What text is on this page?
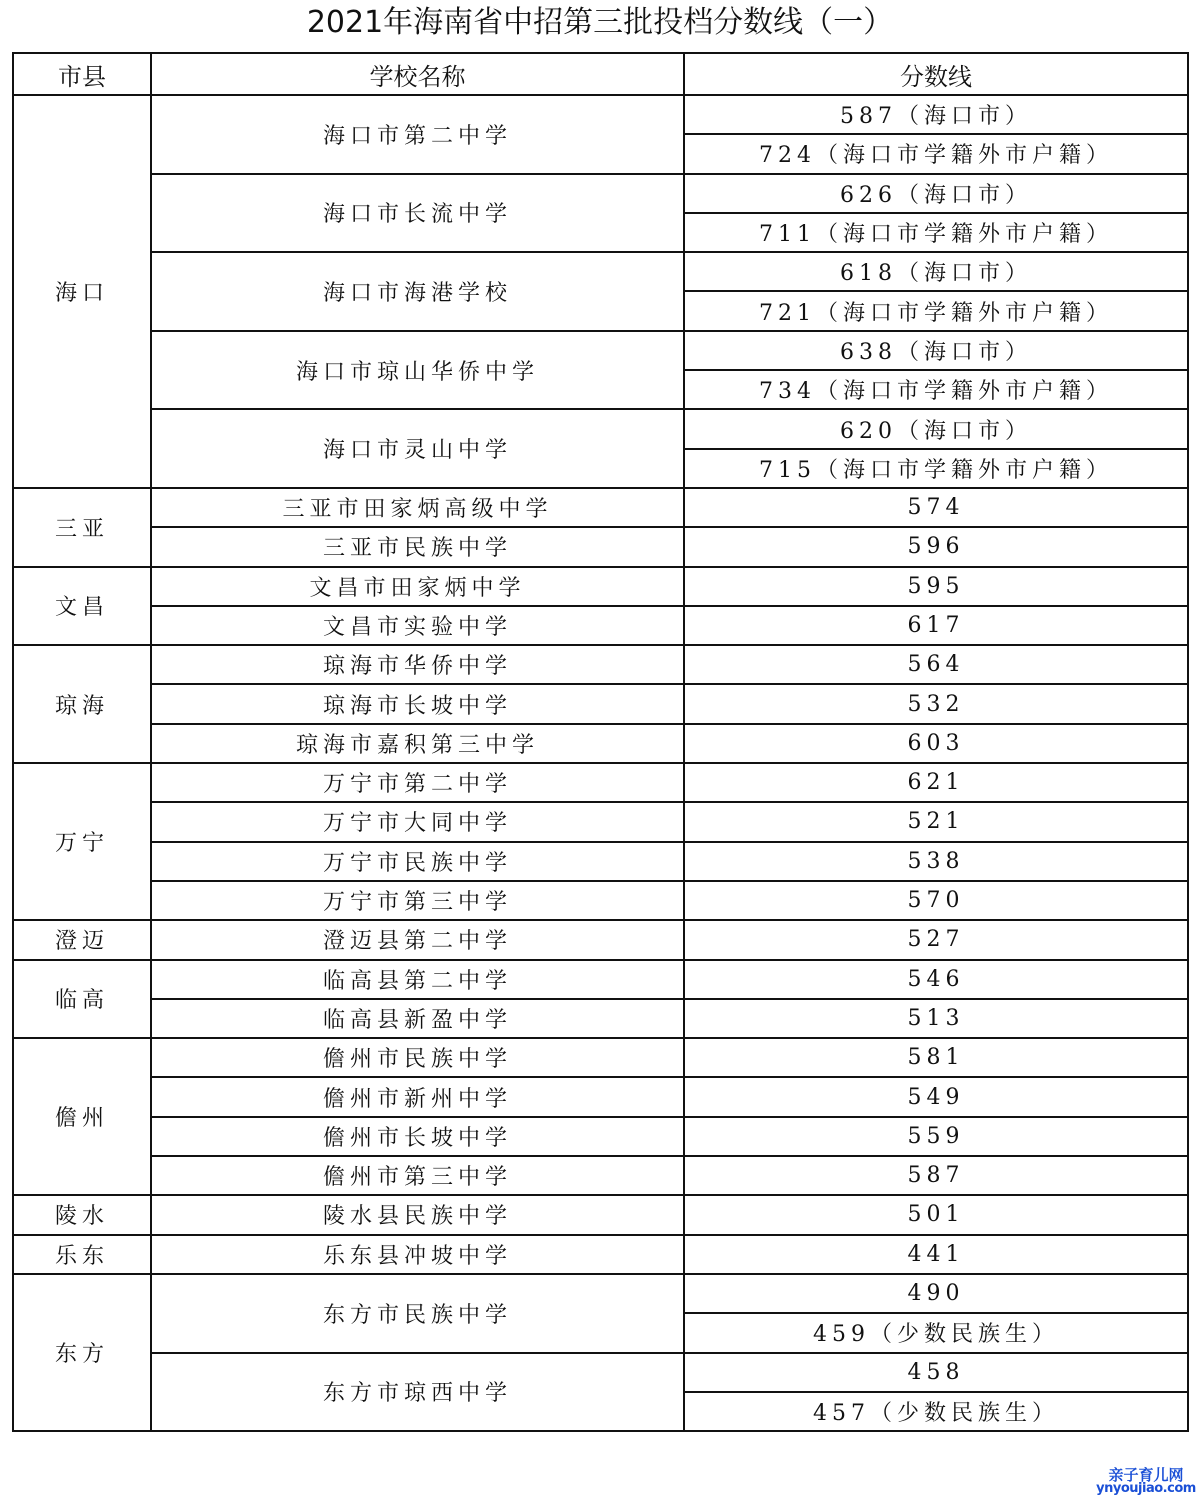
2021年海南省中招第三批投档分数线（一）
市县	学校名称	分数线
海口	海口市第二中学	587（海口市）
		724（海口市学籍外市户籍）
	海口市长流中学	626（海口市）
		711（海口市学籍外市户籍）
	海口市海港学校	618（海口市）
		721（海口市学籍外市户籍）
	海口市琼山华侨中学	638（海口市）
		734（海口市学籍外市户籍）
	海口市灵山中学	620（海口市）
		715（海口市学籍外市户籍）
三亚	三亚市田家炳高级中学	574
	三亚市民族中学	596
文昌	文昌市田家炳中学	595
	文昌市实验中学	617
琼海	琼海市华侨中学	564
	琼海市长坡中学	532
	琼海市嘉积第三中学	603
万宁	万宁市第二中学	621
	万宁市大同中学	521
	万宁市民族中学	538
	万宁市第三中学	570
澄迈	澄迈县第二中学	527
临高	临高县第二中学	546
	临高县新盈中学	513
儋州	儋州市民族中学	581
	儋州市新州中学	549
	儋州市长坡中学	559
	儋州市第三中学	587
陵水	陵水县民族中学	501
乐东	乐东县冲坡中学	441
东方	东方市民族中学	490
		459（少数民族生）
	东方市琼西中学	458
		457（少数民族生）
亲子育儿网
ynyoujiao.com
